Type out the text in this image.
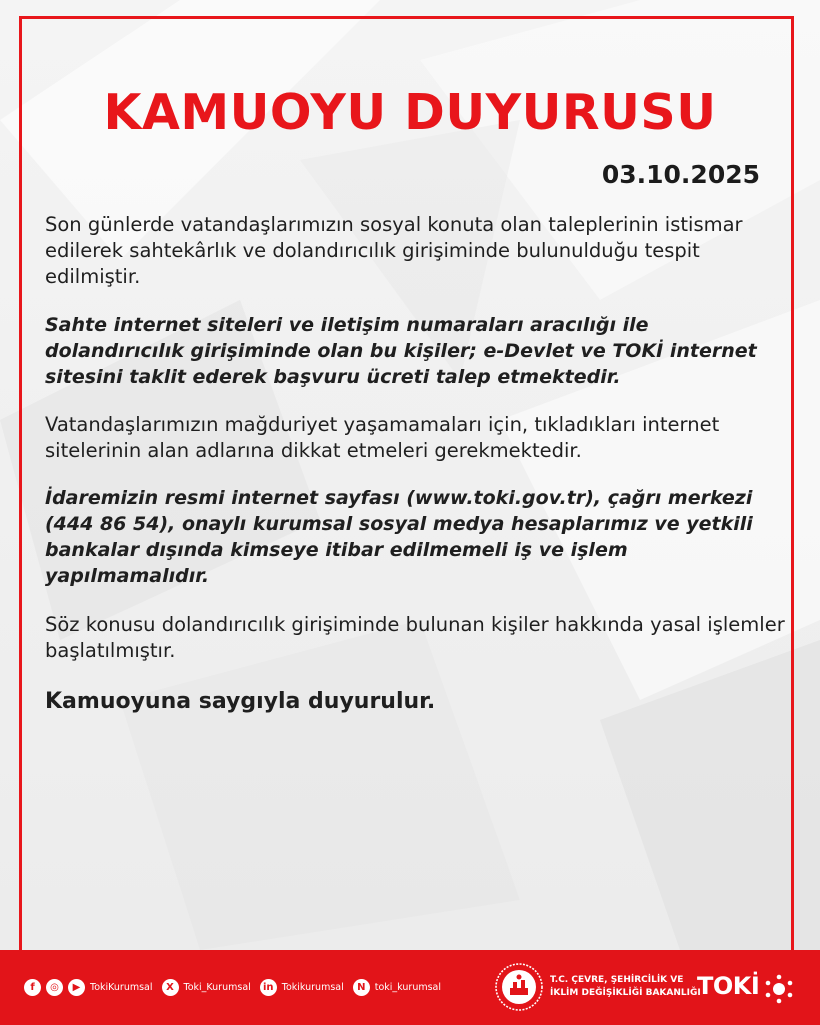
KAMUOYU DUYURUSU
03.10.2025

Son günlerde vatandaşlarımızın sosyal konuta olan taleplerinin istismar edilerek sahtekârlık ve dolandırıcılık girişiminde bulunulduğu tespit edilmiştir.

Sahte internet siteleri ve iletişim numaraları aracılığı ile dolandırıcılık girişiminde olan bu kişiler; e-Devlet ve TOKİ internet sitesini taklit ederek başvuru ücreti talep etmektedir.

Vatandaşlarımızın mağduriyet yaşamamaları için, tıkladıkları internet sitelerinin alan adlarına dikkat etmeleri gerekmektedir.

İdaremizin resmi internet sayfası (www.toki.gov.tr), çağrı merkezi (444 86 54), onaylı kurumsal sosyal medya hesaplarımız ve yetkili bankalar dışında kimseye itibar edilmemeli iş ve işlem yapılmamalıdır.

Söz konusu dolandırıcılık girişiminde bulunan kişiler hakkında yasal işlemler başlatılmıştır.

Kamuoyuna saygıyla duyurulur.

f	◎	▶	TokiKurumsal	X	Toki_Kurumsal	in Tokikurumsal	N toki_kurumsal
T.C. ÇEVRE, ŞEHİRCİLİK VE
İKLİM DEĞİŞİKLİĞİ BAKANLIĞI
TOKİ
